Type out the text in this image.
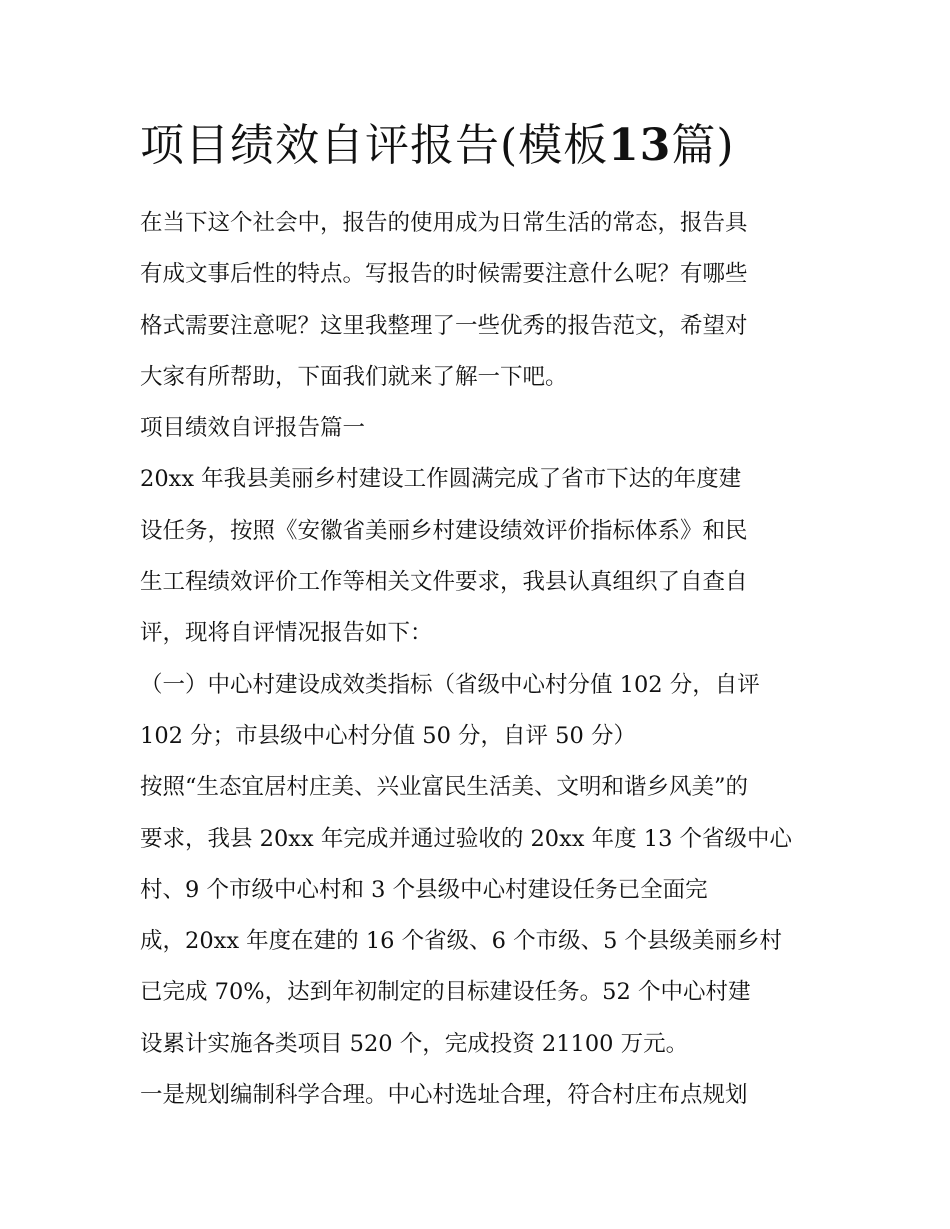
项目绩效自评报告(模板13篇)
在当下这个社会中，报告的使用成为日常生活的常态，报告具
有成文事后性的特点。写报告的时候需要注意什么呢？有哪些
格式需要注意呢？这里我整理了一些优秀的报告范文，希望对
大家有所帮助，下面我们就来了解一下吧。
项目绩效自评报告篇一
20xx 年我县美丽乡村建设工作圆满完成了省市下达的年度建
设任务，按照《安徽省美丽乡村建设绩效评价指标体系》和民
生工程绩效评价工作等相关文件要求，我县认真组织了自查自
评，现将自评情况报告如下：
（一）中心村建设成效类指标（省级中心村分值 102 分，自评
102 分；市县级中心村分值 50 分，自评 50 分）
按照“生态宜居村庄美、兴业富民生活美、文明和谐乡风美”的
要求，我县 20xx 年完成并通过验收的 20xx 年度 13 个省级中心
村、9 个市级中心村和 3 个县级中心村建设任务已全面完
成，20xx 年度在建的 16 个省级、6 个市级、5 个县级美丽乡村
已完成 70%，达到年初制定的目标建设任务。52 个中心村建
设累计实施各类项目 520 个，完成投资 21100 万元。
一是规划编制科学合理。中心村选址合理，符合村庄布点规划
